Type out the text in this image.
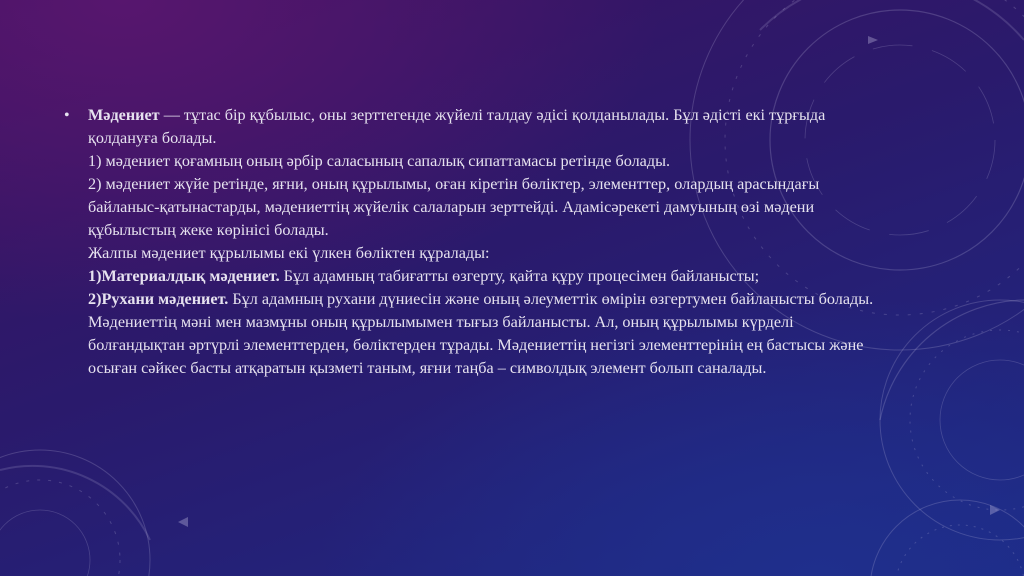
•	Мәдениет — тұтас бір құбылыс, оны зерттегенде жүйелі талдау әдісі қолданылады. Бұл әдісті екі тұрғыда қолдануға болады.
1) мәдениет қоғамның оның әрбір саласының сапалық сипаттамасы ретінде болады.
2) мәдениет жүйе ретінде, яғни, оның құрылымы, оған кіретін бөліктер, элементтер, олардың арасындағы байланыс-қатынастарды, мәдениеттің жүйелік салаларын зерттейді. Адамісәрекеті дамуының өзі мәдени құбылыстың жеке көрінісі болады.
Жалпы мәдениет құрылымы екі үлкен бөліктен құралады:
1)Материалдық мәдениет. Бұл адамның табиғатты өзгерту, қайта құру процесімен байланысты;
2)Рухани мәдениет. Бұл адамның рухани дүниесін және оның әлеуметтік өмірін өзгертумен байланысты болады.
Мәдениеттің мәні мен мазмұны оның құрылымымен тығыз байланысты. Ал, оның құрылымы күрделі болғандықтан әртүрлі элементтерден, бөліктерден тұрады. Мәдениеттің негізгі элементтерінің ең бастысы және осыған сәйкес басты атқаратын қызметі таным, яғни таңба – символдық элемент болып саналады.
